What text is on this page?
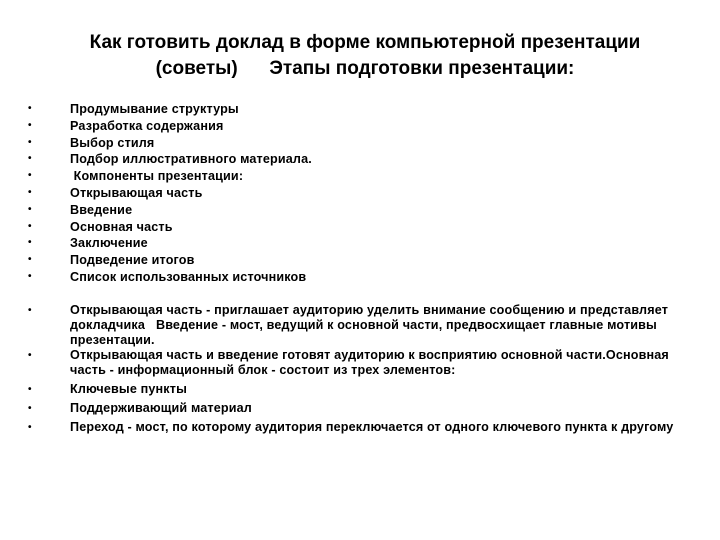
Как готовить доклад в форме компьютерной презентации
(советы)      Этапы подготовки презентации:
•	Продумывание структуры
•	Разработка содержания
•	Выбор стиля
•	Подбор иллюстративного материала.
•	Компоненты презентации:
•	Открывающая часть
•	Введение
•	Основная часть
•	Заключение
•	Подведение итогов
•	Список использованных источников
•	Открывающая часть - приглашает аудиторию уделить внимание сообщению и представляет докладчика   Введение - мост, ведущий к основной части, предвосхищает главные мотивы презентации.
•	Открывающая часть и введение готовят аудиторию к восприятию основной части.Основная часть - информационный блок - состоит из трех элементов:
•	Ключевые пункты
•	Поддерживающий материал
•	Переход - мост, по которому аудитория переключается от одного ключевого пункта к другому
